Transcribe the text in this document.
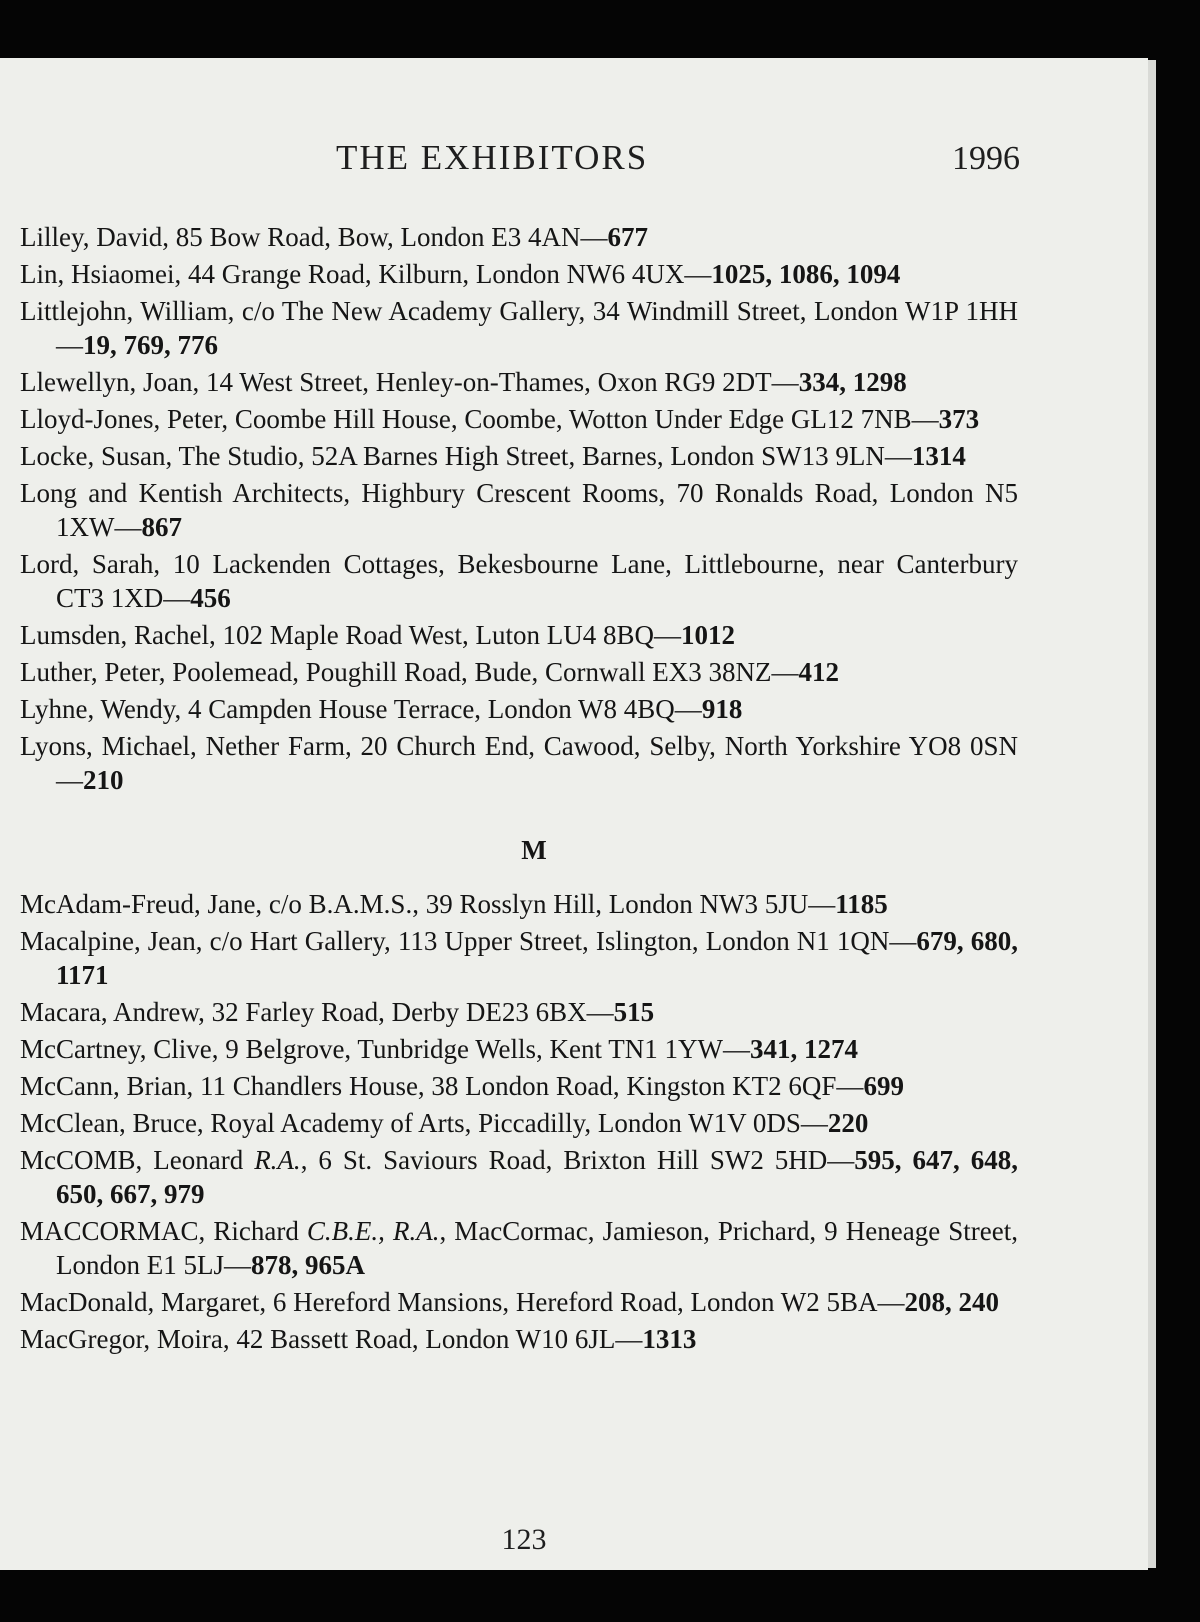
THE EXHIBITORS	1996

Lilley, David, 85 Bow Road, Bow, London E3 4AN—677

Lin, Hsiaomei, 44 Grange Road, Kilburn, London NW6 4UX—1025, 1086, 1094

Littlejohn, William, c/o The New Academy Gallery, 34 Windmill Street, London W1P 1HH—19, 769, 776

Llewellyn, Joan, 14 West Street, Henley-on-Thames, Oxon RG9 2DT—334, 1298

Lloyd-Jones, Peter, Coombe Hill House, Coombe, Wotton Under Edge GL12 7NB—373

Locke, Susan, The Studio, 52A Barnes High Street, Barnes, London SW13 9LN—1314

Long and Kentish Architects, Highbury Crescent Rooms, 70 Ronalds Road, London N5 1XW—867

Lord, Sarah, 10 Lackenden Cottages, Bekesbourne Lane, Littlebourne, near Canterbury CT3 1XD—456

Lumsden, Rachel, 102 Maple Road West, Luton LU4 8BQ—1012

Luther, Peter, Poolemead, Poughill Road, Bude, Cornwall EX3 38NZ—412

Lyhne, Wendy, 4 Campden House Terrace, London W8 4BQ—918

Lyons, Michael, Nether Farm, 20 Church End, Cawood, Selby, North Yorkshire YO8 0SN—210

M

McAdam-Freud, Jane, c/o B.A.M.S., 39 Rosslyn Hill, London NW3 5JU—1185

Macalpine, Jean, c/o Hart Gallery, 113 Upper Street, Islington, London N1 1QN—679, 680, 1171

Macara, Andrew, 32 Farley Road, Derby DE23 6BX—515

McCartney, Clive, 9 Belgrove, Tunbridge Wells, Kent TN1 1YW—341, 1274

McCann, Brian, 11 Chandlers House, 38 London Road, Kingston KT2 6QF—699

McClean, Bruce, Royal Academy of Arts, Piccadilly, London W1V 0DS—220

McCOMB, Leonard R.A., 6 St. Saviours Road, Brixton Hill SW2 5HD—595, 647, 648, 650, 667, 979

MACCORMAC, Richard C.B.E., R.A., MacCormac, Jamieson, Prichard, 9 Heneage Street, London E1 5LJ—878, 965A

MacDonald, Margaret, 6 Hereford Mansions, Hereford Road, London W2 5BA—208, 240

MacGregor, Moira, 42 Bassett Road, London W10 6JL—1313

123
